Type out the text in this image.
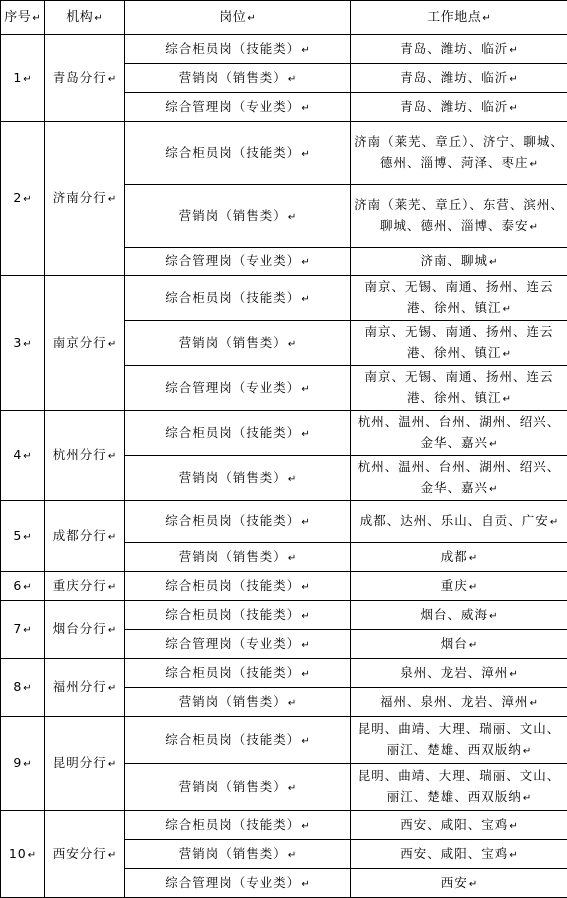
序号↵	机构↵	岗位↵	工作地点↵
1↵	青岛分行↵	综合柜员岗（技能类）↵	青岛、潍坊、临沂↵
		营销岗（销售类）↵	青岛、潍坊、临沂↵
		综合管理岗（专业类）↵	青岛、潍坊、临沂↵
2↵	济南分行↵	综合柜员岗（技能类）↵	济南（莱芜、章丘）、济宁、聊城、德州、淄博、菏泽、枣庄↵
		营销岗（销售类）↵	济南（莱芜、章丘）、东营、滨州、聊城、德州、淄博、泰安↵
		综合管理岗（专业类）↵	济南、聊城↵
3↵	南京分行↵	综合柜员岗（技能类）↵	南京、无锡、南通、扬州、连云港、徐州、镇江↵
		营销岗（销售类）↵	南京、无锡、南通、扬州、连云港、徐州、镇江↵
		综合管理岗（专业类）↵	南京、无锡、南通、扬州、连云港、徐州、镇江↵
4↵	杭州分行↵	综合柜员岗（技能类）↵	杭州、温州、台州、湖州、绍兴、金华、嘉兴↵
		营销岗（销售类）↵	杭州、温州、台州、湖州、绍兴、金华、嘉兴↵
5↵	成都分行↵	综合柜员岗（技能类）↵	成都、达州、乐山、自贡、广安↵
		营销岗（销售类）↵	成都↵
6↵	重庆分行↵	综合柜员岗（技能类）↵	重庆↵
7↵	烟台分行↵	综合柜员岗（技能类）↵	烟台、威海↵
		综合管理岗（专业类）↵	烟台↵
8↵	福州分行↵	综合柜员岗（技能类）↵	泉州、龙岩、漳州↵
		营销岗（销售类）↵	福州、泉州、龙岩、漳州↵
9↵	昆明分行↵	综合柜员岗（技能类）↵	昆明、曲靖、大理、瑞丽、文山、丽江、楚雄、西双版纳↵
		营销岗（销售类）↵	昆明、曲靖、大理、瑞丽、文山、丽江、楚雄、西双版纳↵
10↵	西安分行↵	综合柜员岗（技能类）↵	西安、咸阳、宝鸡↵
		营销岗（销售类）↵	西安、咸阳、宝鸡↵
		综合管理岗（专业类）↵	西安↵
